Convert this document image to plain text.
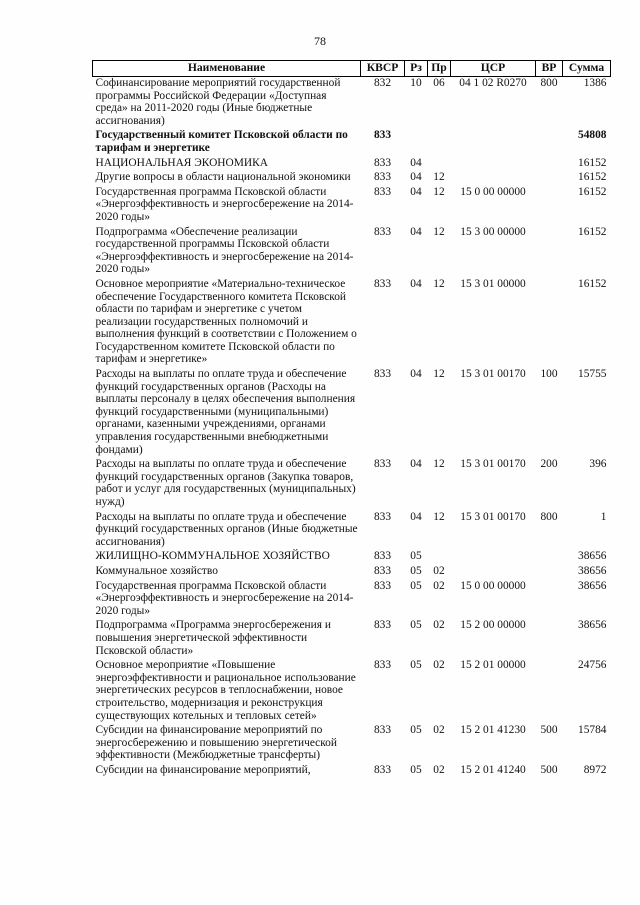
78
Наименование	КВСР	Рз	Пр	ЦСР	ВР	Сумма
Софинансирование мероприятий государственной программы Российской Федерации «Доступная среда» на 2011-2020 годы (Иные бюджетные ассигнования)	832	10	06	04 1 02 R0270	800	1386
Государственный комитет Псковской области по тарифам и энергетике	833					54808
НАЦИОНАЛЬНАЯ ЭКОНОМИКА	833	04				16152
Другие вопросы в области национальной экономики	833	04	12			16152
Государственная программа Псковской области «Энергоэффективность и энергосбережение на 2014-2020 годы»	833	04	12	15 0 00 00000		16152
Подпрограмма «Обеспечение реализации государственной программы Псковской области «Энергоэффективность и энергосбережение на 2014-2020 годы»	833	04	12	15 3 00 00000		16152
Основное мероприятие «Материально-техническое обеспечение Государственного комитета Псковской области по тарифам и энергетике с учетом реализации государственных полномочий и выполнения функций в соответствии с Положением о Государственном комитете Псковской области по тарифам и энергетике»	833	04	12	15 3 01 00000		16152
Расходы на выплаты по оплате труда и обеспечение функций государственных органов (Расходы на выплаты персоналу в целях обеспечения выполнения функций государственными (муниципальными) органами, казенными учреждениями, органами управления государственными внебюджетными фондами)	833	04	12	15 3 01 00170	100	15755
Расходы на выплаты по оплате труда и обеспечение функций государственных органов (Закупка товаров, работ и услуг для государственных (муниципальных) нужд)	833	04	12	15 3 01 00170	200	396
Расходы на выплаты по оплате труда и обеспечение функций государственных органов (Иные бюджетные ассигнования)	833	04	12	15 3 01 00170	800	1
ЖИЛИЩНО-КОММУНАЛЬНОЕ ХОЗЯЙСТВО	833	05				38656
Коммунальное хозяйство	833	05	02			38656
Государственная программа Псковской области «Энергоэффективность и энергосбережение на 2014-2020 годы»	833	05	02	15 0 00 00000		38656
Подпрограмма «Программа энергосбережения и повышения энергетической эффективности Псковской области»	833	05	02	15 2 00 00000		38656
Основное мероприятие «Повышение энергоэффективности и рациональное использование энергетических ресурсов в теплоснабжении, новое строительство, модернизация и реконструкция существующих котельных и тепловых сетей»	833	05	02	15 2 01 00000		24756
Субсидии на финансирование мероприятий по энергосбережению и повышению энергетической эффективности (Межбюджетные трансферты)	833	05	02	15 2 01 41230	500	15784
Субсидии на финансирование мероприятий,	833	05	02	15 2 01 41240	500	8972
